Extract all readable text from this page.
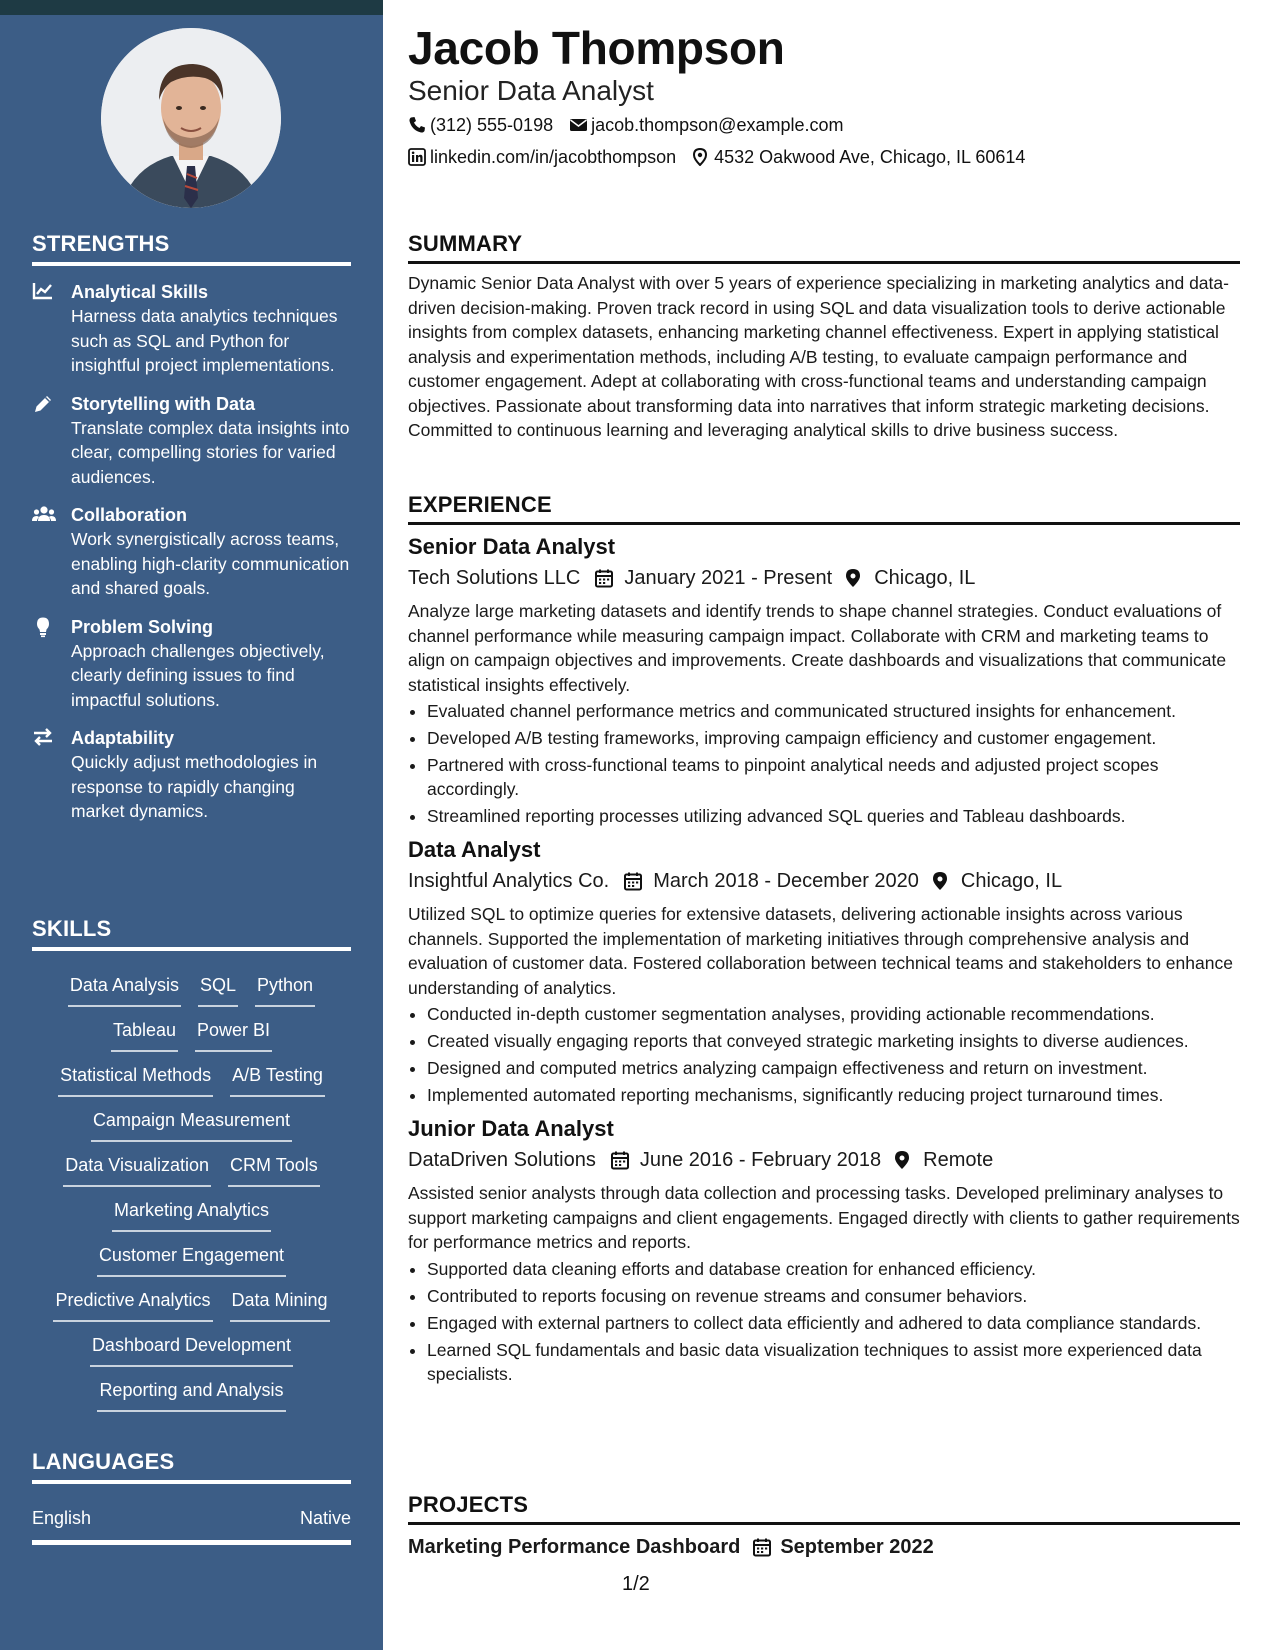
STRENGTHS
Analytical Skills
Harness data analytics techniques such as SQL and Python for insightful project implementations.
Storytelling with Data
Translate complex data insights into clear, compelling stories for varied audiences.
Collaboration
Work synergistically across teams, enabling high-clarity communication and shared goals.
Problem Solving
Approach challenges objectively, clearly defining issues to find impactful solutions.
Adaptability
Quickly adjust methodologies in response to rapidly changing market dynamics.
SKILLS
Data Analysis SQL Python
Tableau Power BI
Statistical Methods A/B Testing
Campaign Measurement
Data Visualization CRM Tools
Marketing Analytics
Customer Engagement
Predictive Analytics Data Mining
Dashboard Development
Reporting and Analysis
LANGUAGES
English	Native
Jacob Thompson
Senior Data Analyst
(312) 555-0198 jacob.thompson@example.com
linkedin.com/in/jacobthompson 4532 Oakwood Ave, Chicago, IL 60614
SUMMARY
Dynamic Senior Data Analyst with over 5 years of experience specializing in marketing analytics and data-driven decision-making. Proven track record in using SQL and data visualization tools to derive actionable insights from complex datasets, enhancing marketing channel effectiveness. Expert in applying statistical analysis and experimentation methods, including A/B testing, to evaluate campaign performance and customer engagement. Adept at collaborating with cross-functional teams and understanding campaign objectives. Passionate about transforming data into narratives that inform strategic marketing decisions. Committed to continuous learning and leveraging analytical skills to drive business success.
EXPERIENCE
Senior Data Analyst
Tech Solutions LLC January 2021 - Present Chicago, IL
Analyze large marketing datasets and identify trends to shape channel strategies. Conduct evaluations of channel performance while measuring campaign impact. Collaborate with CRM and marketing teams to align on campaign objectives and improvements. Create dashboards and visualizations that communicate statistical insights effectively.
• Evaluated channel performance metrics and communicated structured insights for enhancement.
• Developed A/B testing frameworks, improving campaign efficiency and customer engagement.
• Partnered with cross-functional teams to pinpoint analytical needs and adjusted project scopes accordingly.
• Streamlined reporting processes utilizing advanced SQL queries and Tableau dashboards.
Data Analyst
Insightful Analytics Co. March 2018 - December 2020 Chicago, IL
Utilized SQL to optimize queries for extensive datasets, delivering actionable insights across various channels. Supported the implementation of marketing initiatives through comprehensive analysis and evaluation of customer data. Fostered collaboration between technical teams and stakeholders to enhance understanding of analytics.
• Conducted in-depth customer segmentation analyses, providing actionable recommendations.
• Created visually engaging reports that conveyed strategic marketing insights to diverse audiences.
• Designed and computed metrics analyzing campaign effectiveness and return on investment.
• Implemented automated reporting mechanisms, significantly reducing project turnaround times.
Junior Data Analyst
DataDriven Solutions June 2016 - February 2018 Remote
Assisted senior analysts through data collection and processing tasks. Developed preliminary analyses to support marketing campaigns and client engagements. Engaged directly with clients to gather requirements for performance metrics and reports.
• Supported data cleaning efforts and database creation for enhanced efficiency.
• Contributed to reports focusing on revenue streams and consumer behaviors.
• Engaged with external partners to collect data efficiently and adhered to data compliance standards.
• Learned SQL fundamentals and basic data visualization techniques to assist more experienced data specialists.
PROJECTS
Marketing Performance Dashboard September 2022
1/2
